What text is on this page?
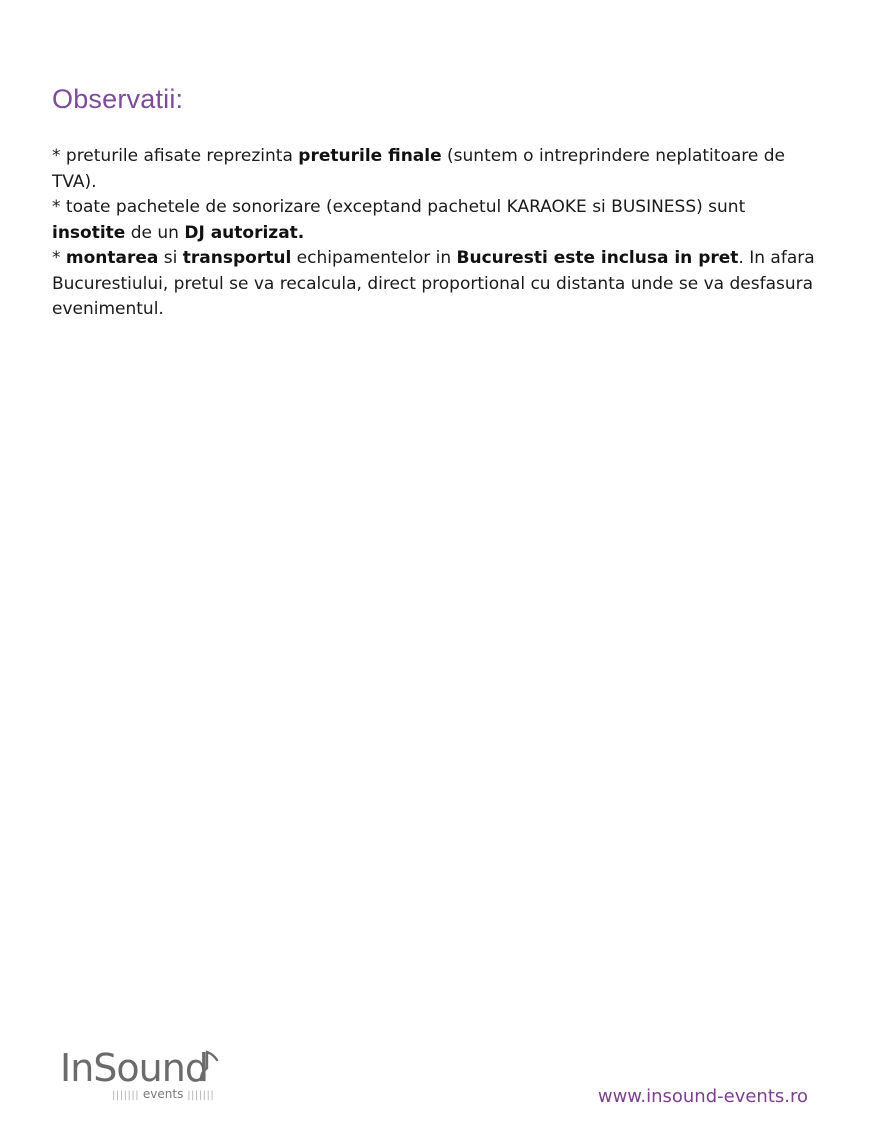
Observatii:

* preturile afisate reprezinta preturile finale (suntem o intreprindere neplatitoare de TVA).

* toate pachetele de sonorizare (exceptand pachetul KARAOKE si BUSINESS) sunt insotite de un DJ autorizat.

* montarea si transportul echipamentelor in Bucuresti este inclusa in pret. In afara Bucurestiului, pretul se va recalcula, direct proportional cu distanta unde se va desfasura evenimentul.

InSound
||||||| events |||||||	www.insound-events.ro
